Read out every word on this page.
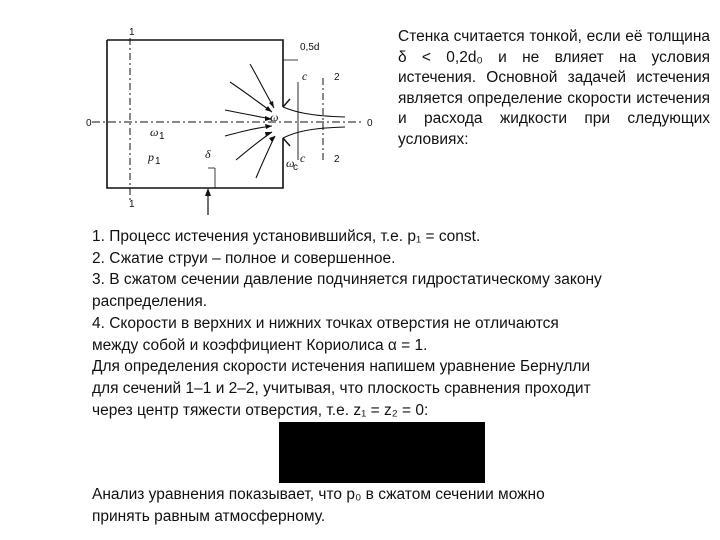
1
1
2
2
0	0
0,5d
c
c
ω 1
p 1
δ
ω
ω
c
Стенка считается тонкой, если её толщина δ < 0,2d₀ и не влияет на условия истечения. Основной задачей истечения является определение скорости истечения и расхода жидкости при следующих условиях:
1. Процесс истечения установившийся, т.е. p₁ = const.
2. Сжатие струи – полное и совершенное.
3. В сжатом сечении давление подчиняется гидростатическому закону
распределения.
4. Скорости в верхних и нижних точках отверстия не отличаются
между собой и коэффициент Кориолиса α = 1.
Для определения скорости истечения напишем уравнение Бернулли
для сечений 1–1 и 2–2, учитывая, что плоскость сравнения проходит
через центр тяжести отверстия, т.е. z₁ = z₂ = 0:
Анализ уравнения показывает, что p₀ в сжатом сечении можно
принять равным атмосферному.
